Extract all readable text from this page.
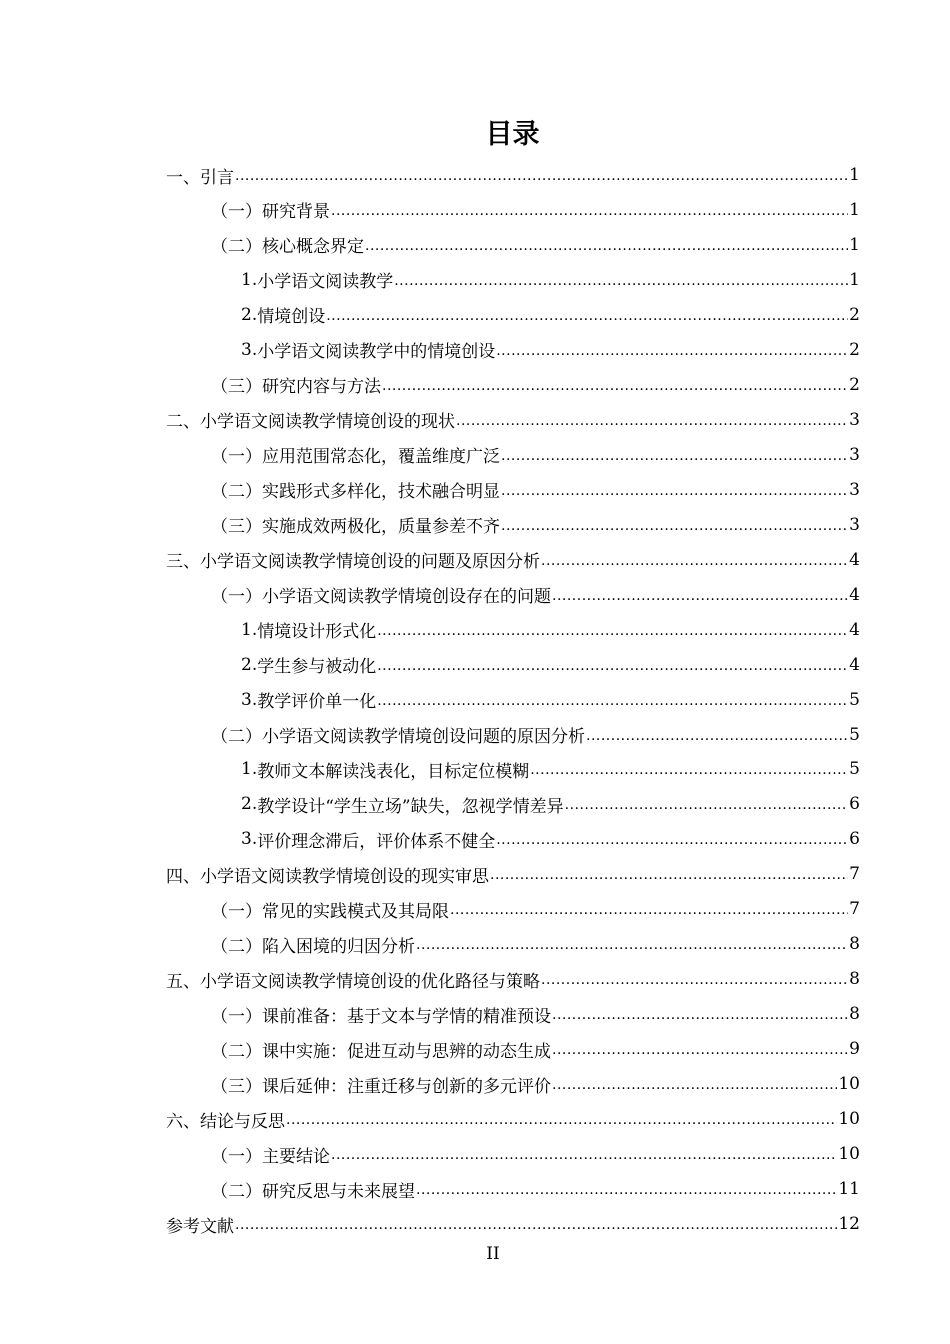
目录
一、 引言 .....	1
（一） 研究背景 .....	1
（二） 核心概念界定 .....	1
1. 小学语文阅读教学 .....	1
2. 情境创设 .....	2
3. 小学语文阅读教学中的情境创设 .....	2
（三） 研究内容与方法 .....	2
二、 小学语文阅读教学情境创设的现状 .....	3
（一） 应用范围常态化，覆盖维度广泛 .....	3
（二） 实践形式多样化，技术融合明显 .....	3
（三） 实施成效两极化，质量参差不齐 .....	3
三、 小学语文阅读教学情境创设的问题及原因分析 .....	4
（一） 小学语文阅读教学情境创设存在的问题 .....	4
1. 情境设计形式化 .....	4
2. 学生参与被动化 .....	4
3. 教学评价单一化 .....	5
（二） 小学语文阅读教学情境创设问题的原因分析 .....	5
1. 教师文本解读浅表化，目标定位模糊 .....	5
2. 教学设计“学生立场”缺失，忽视学情差异 .....	6
3. 评价理念滞后，评价体系不健全 .....	6
四、 小学语文阅读教学情境创设的现实审思 .....	7
（一） 常见的实践模式及其局限 .....	7
（二） 陷入困境的归因分析 .....	8
五、 小学语文阅读教学情境创设的优化路径与策略 .....	8
（一） 课前准备：基于文本与学情的精准预设 .....	8
（二） 课中实施：促进互动与思辨的动态生成 .....	9
（三） 课后延伸：注重迁移与创新的多元评价 .....	10
六、 结论与反思 .....	10
（一） 主要结论 .....	10
（二） 研究反思与未来展望 .....	11
参考文献 .....	12
II
